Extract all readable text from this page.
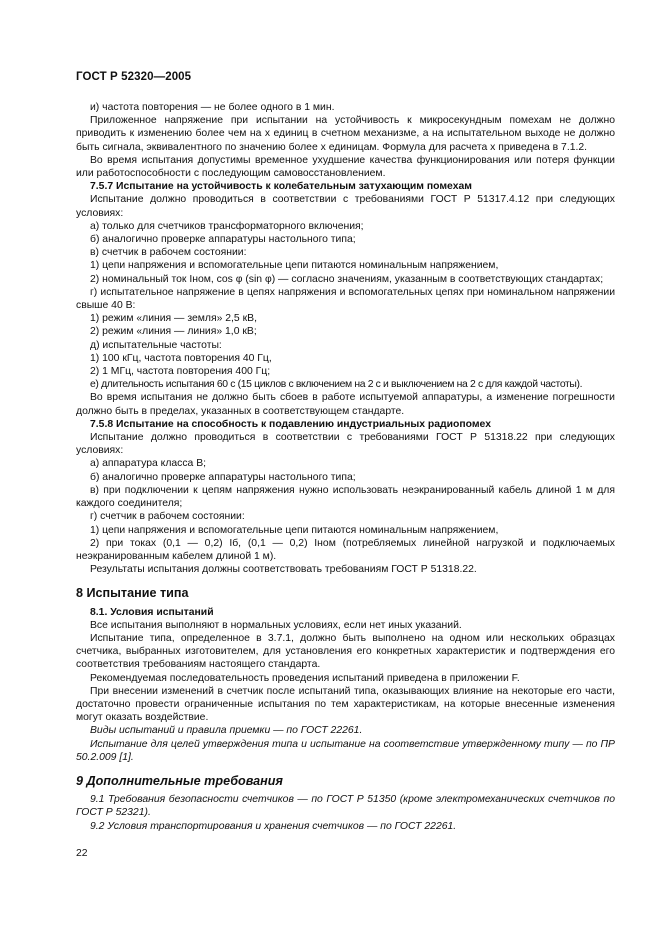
ГОСТ Р 52320—2005

и) частота повторения — не более одного в 1 мин.

Приложенное напряжение при испытании на устойчивость к микросекундным помехам не должно приводить к изменению более чем на x единиц в счетном механизме, а на испытательном выходе не должно быть сигнала, эквивалентного по значению более x единицам. Формула для расчета x приведена в 7.1.2.

Во время испытания допустимы временное ухудшение качества функционирования или потеря функции или работоспособности с последующим самовосстановлением.

7.5.7 Испытание на устойчивость к колебательным затухающим помехам

Испытание должно проводиться в соответствии с требованиями ГОСТ Р 51317.4.12 при следующих условиях:

а) только для счетчиков трансформаторного включения;

б) аналогично проверке аппаратуры настольного типа;

в) счетчик в рабочем состоянии:

1) цепи напряжения и вспомогательные цепи питаются номинальным напряжением,

2) номинальный ток Iном, cos φ (sin φ) — согласно значениям, указанным в соответствующих стандартах;

г) испытательное напряжение в цепях напряжения и вспомогательных цепях при номинальном напряжении свыше 40 В:

1) режим «линия — земля» 2,5 кВ,

2) режим «линия — линия» 1,0 кВ;

д) испытательные частоты:

1) 100 кГц, частота повторения 40 Гц,

2) 1 МГц, частота повторения 400 Гц;

е) длительность испытания 60 с (15 циклов с включением на 2 с и выключением на 2 с для каждой частоты).

Во время испытания не должно быть сбоев в работе испытуемой аппаратуры, а изменение погрешности должно быть в пределах, указанных в соответствующем стандарте.

7.5.8 Испытание на способность к подавлению индустриальных радиопомех

Испытание должно проводиться в соответствии с требованиями ГОСТ Р 51318.22 при следующих условиях:

а) аппаратура класса В;

б) аналогично проверке аппаратуры настольного типа;

в) при подключении к цепям напряжения нужно использовать неэкранированный кабель длиной 1 м для каждого соединителя;

г) счетчик в рабочем состоянии:

1) цепи напряжения и вспомогательные цепи питаются номинальным напряжением,

2) при токах (0,1 — 0,2) Iб, (0,1 — 0,2) Iном (потребляемых линейной нагрузкой и подключаемых неэкранированным кабелем длиной 1 м).

Результаты испытания должны соответствовать требованиям ГОСТ Р 51318.22.

8 Испытание типа

8.1. Условия испытаний

Все испытания выполняют в нормальных условиях, если нет иных указаний.

Испытание типа, определенное в 3.7.1, должно быть выполнено на одном или нескольких образцах счетчика, выбранных изготовителем, для установления его конкретных характеристик и подтверждения его соответствия требованиям настоящего стандарта.

Рекомендуемая последовательность проведения испытаний приведена в приложении F.

При внесении изменений в счетчик после испытаний типа, оказывающих влияние на некоторые его части, достаточно провести ограниченные испытания по тем характеристикам, на которые внесенные изменения могут оказать воздействие.

Виды испытаний и правила приемки — по ГОСТ 22261.

Испытание для целей утверждения типа и испытание на соответствие утвержденному типу — по ПР 50.2.009 [1].

9 Дополнительные требования

9.1 Требования безопасности счетчиков — по ГОСТ Р 51350 (кроме электромеханических счетчиков по ГОСТ Р 52321).

9.2 Условия транспортирования и хранения счетчиков — по ГОСТ 22261.

22
